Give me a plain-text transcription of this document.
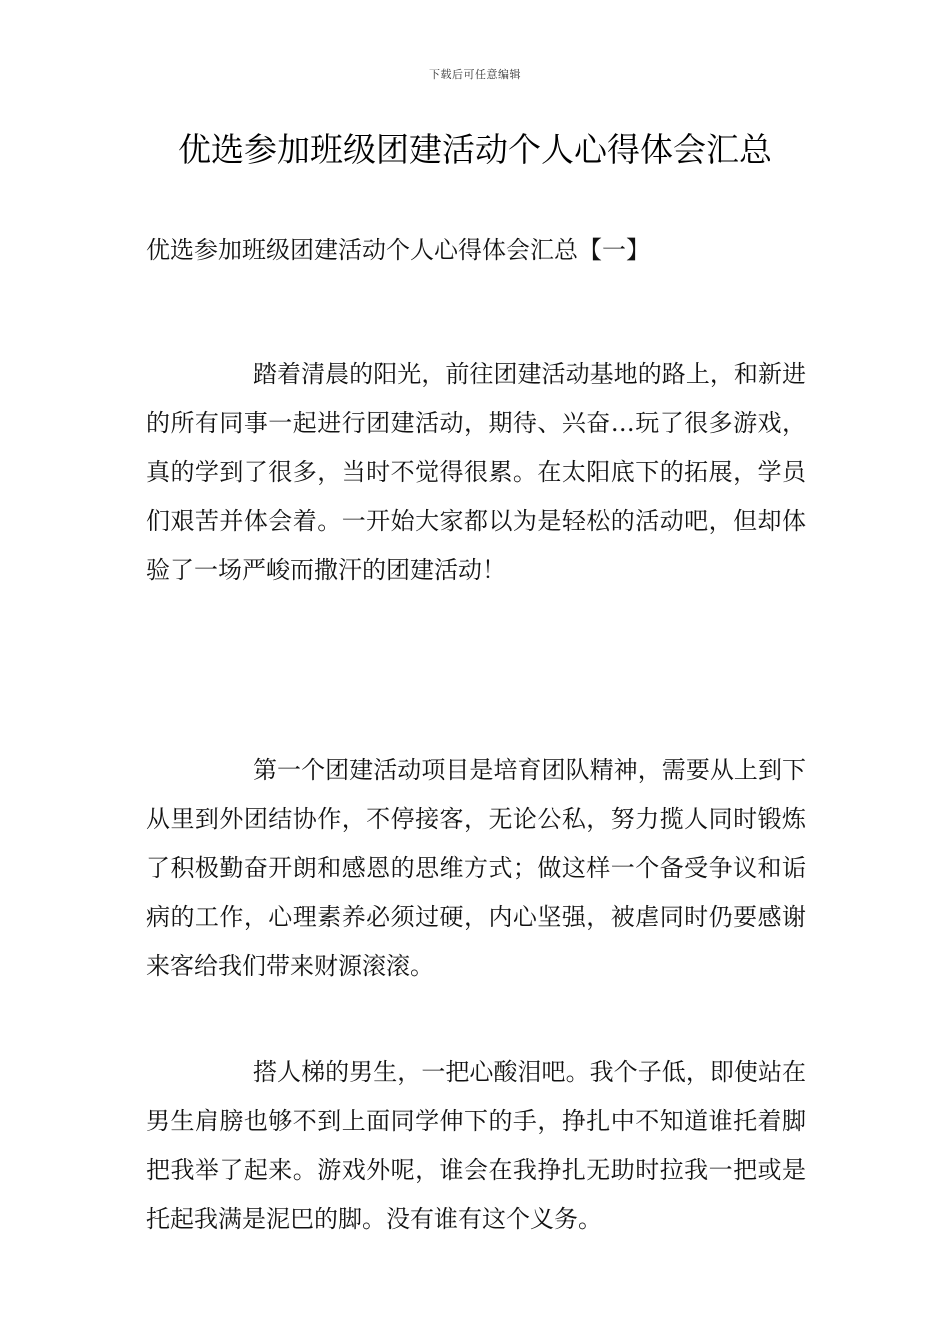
下载后可任意编辑
优选参加班级团建活动个人心得体会汇总
优选参加班级团建活动个人心得体会汇总【一】

踏着清晨的阳光，前往团建活动基地的路上，和新进的所有同事一起进行团建活动，期待、兴奋…玩了很多游戏，真的学到了很多，当时不觉得很累。在太阳底下的拓展，学员们艰苦并体会着。一开始大家都以为是轻松的活动吧，但却体验了一场严峻而撒汗的团建活动！

第一个团建活动项目是培育团队精神，需要从上到下从里到外团结协作，不停接客，无论公私，努力揽人同时锻炼了积极勤奋开朗和感恩的思维方式；做这样一个备受争议和诟病的工作，心理素养必须过硬，内心坚强，被虐同时仍要感谢来客给我们带来财源滚滚。

搭人梯的男生，一把心酸泪吧。我个子低，即使站在男生肩膀也够不到上面同学伸下的手，挣扎中不知道谁托着脚把我举了起来。游戏外呢，谁会在我挣扎无助时拉我一把或是托起我满是泥巴的脚。没有谁有这个义务。
